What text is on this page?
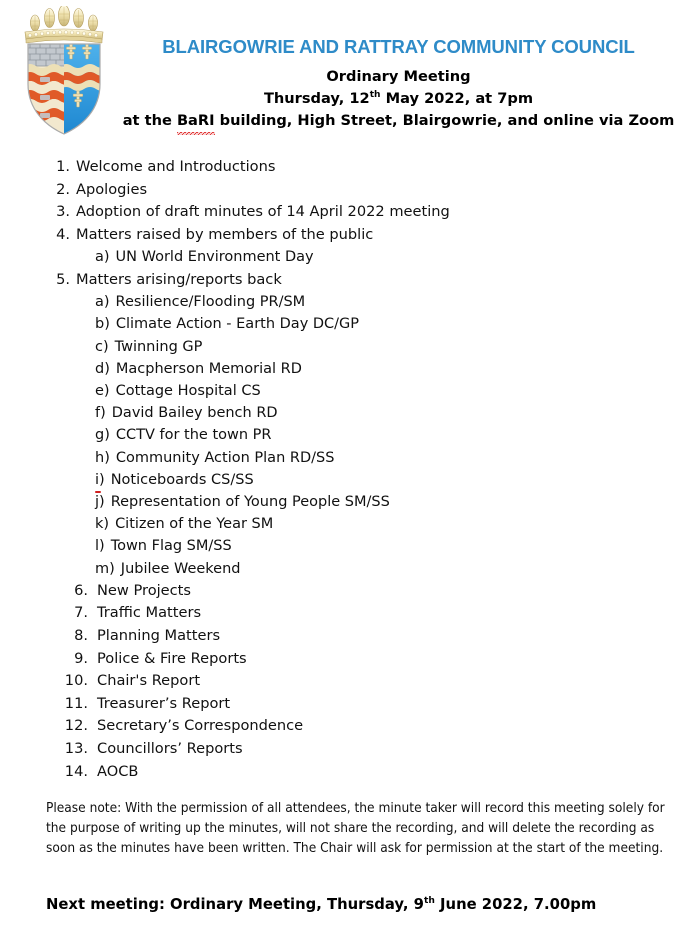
BLAIRGOWRIE AND RATTRAY COMMUNITY COUNCIL
Ordinary Meeting
Thursday, 12th May 2022, at 7pm
at the BaRI building, High Street, Blairgowrie, and online via Zoom
1. Welcome and Introductions
2. Apologies
3. Adoption of draft minutes of 14 April 2022 meeting
4. Matters raised by members of the public
a) UN World Environment Day
5. Matters arising/reports back
a) Resilience/Flooding PR/SM
b) Climate Action - Earth Day DC/GP
c) Twinning GP
d) Macpherson Memorial RD
e) Cottage Hospital CS
f) David Bailey bench RD
g) CCTV for the town PR
h) Community Action Plan RD/SS
i) Noticeboards CS/SS
j) Representation of Young People SM/SS
k) Citizen of the Year SM
l) Town Flag SM/SS
m) Jubilee Weekend
6. New Projects
7. Traffic Matters
8. Planning Matters
9. Police & Fire Reports
10. Chair's Report
11. Treasurer’s Report
12. Secretary’s Correspondence
13. Councillors’ Reports
14. AOCB
Please note: With the permission of all attendees, the minute taker will record this meeting solely for the purpose of writing up the minutes, will not share the recording, and will delete the recording as soon as the minutes have been written. The Chair will ask for permission at the start of the meeting.
Next meeting: Ordinary Meeting, Thursday, 9th June 2022, 7.00pm
